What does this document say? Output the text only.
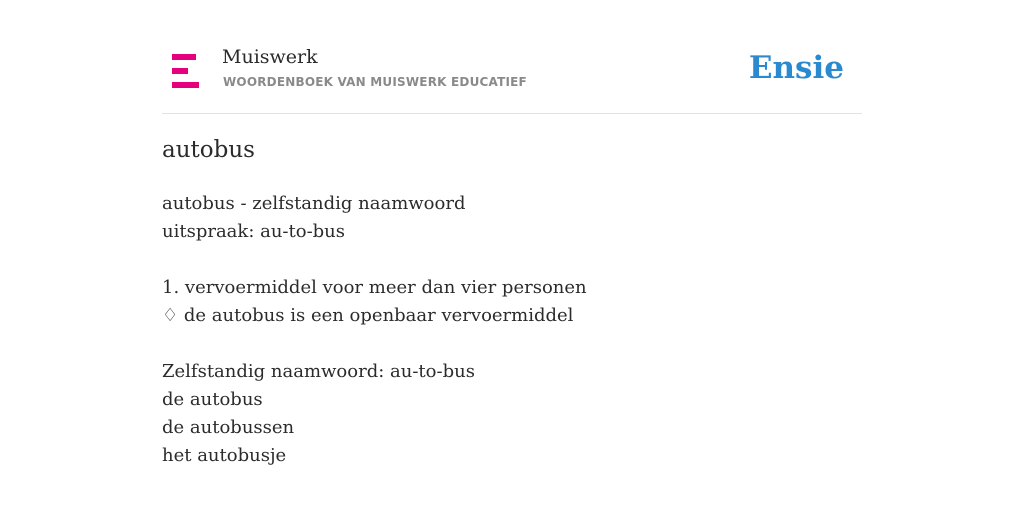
Muiswerk
WOORDENBOEK VAN MUISWERK EDUCATIEF	Ensie
autobus
autobus - zelfstandig naamwoord
uitspraak: au-to-bus
1. vervoermiddel voor meer dan vier personen
♢ de autobus is een openbaar vervoermiddel
Zelfstandig naamwoord: au-to-bus
de autobus
de autobussen
het autobusje
